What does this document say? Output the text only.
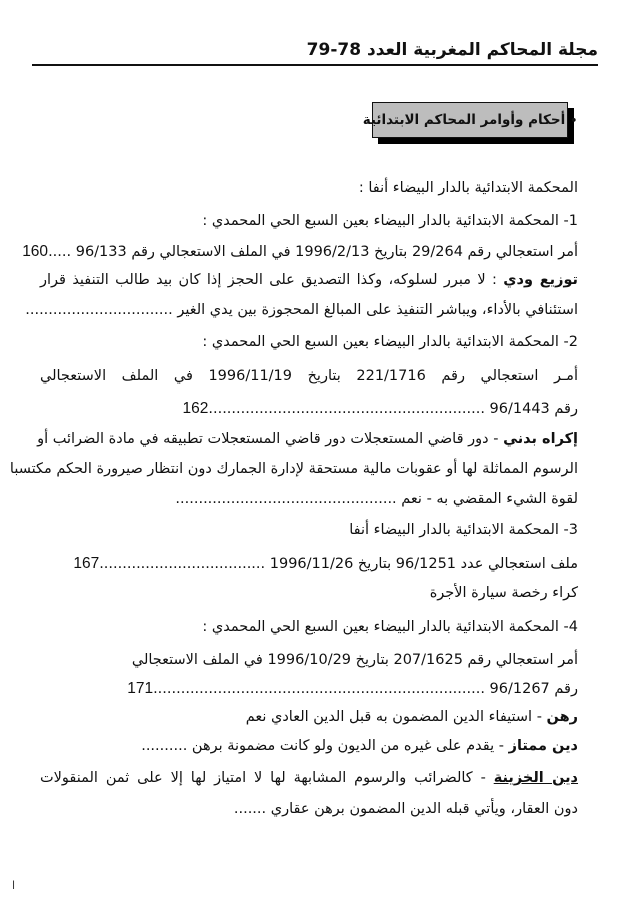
مجلة المحاكم المغربية العدد 78-79
•
أحكام وأوامر المحاكم الابتدائية
المحكمة الابتدائية بالدار البيضاء أنفا :
1- المحكمة الابتدائية بالدار البيضاء بعين السبع الحي المحمدي :
أمر استعجالي رقم 29/264 بتاريخ 1996/2/13 في الملف الاستعجالي رقم 96/133 .....160
توزيع ودي : لا مبرر لسلوكه، وكذا التصديق على الحجز إذا كان بيد طالب التنفيذ قرار
استئنافي بالأداء، ويباشر التنفيذ على المبالغ المحجوزة بين يدي الغير ................................
2- المحكمة الابتدائية بالدار البيضاء بعين السبع الحي المحمدي :
أمـر استعجالي رقم 221/1716 بتاريخ 1996/11/19 في الملف الاستعجالي
رقم 96/1443 ............................................................162
إكراه بدني - دور قاضي المستعجلات دور قاضي المستعجلات تطبيقه في مادة الضرائب أو
الرسوم المماثلة لها أو عقوبات مالية مستحقة لإدارة الجمارك دون انتظار صيرورة الحكم مكتسبا
لقوة الشيء المقضي به - نعم ................................................
3- المحكمة الابتدائية بالدار البيضاء أنفا
ملف استعجالي عدد 96/1251 بتاريخ 1996/11/26 ....................................167
كراء رخصة سيارة الأجرة
4- المحكمة الابتدائية بالدار البيضاء بعين السبع الحي المحمدي :
أمر استعجالي رقم 207/1625 بتاريخ 1996/10/29 في الملف الاستعجالي
رقم 96/1267 ........................................................................171
رهن - استيفاء الدين المضمون به قبل الدين العادي نعم
دين ممتاز - يقدم على غيره من الديون ولو كانت مضمونة برهن ..........
دين الخزينة - كالضرائب والرسوم المشابهة لها لا امتياز لها إلا على ثمن المنقولات
دون العقار، ويأتي قبله الدين المضمون برهن عقاري .......
ا
